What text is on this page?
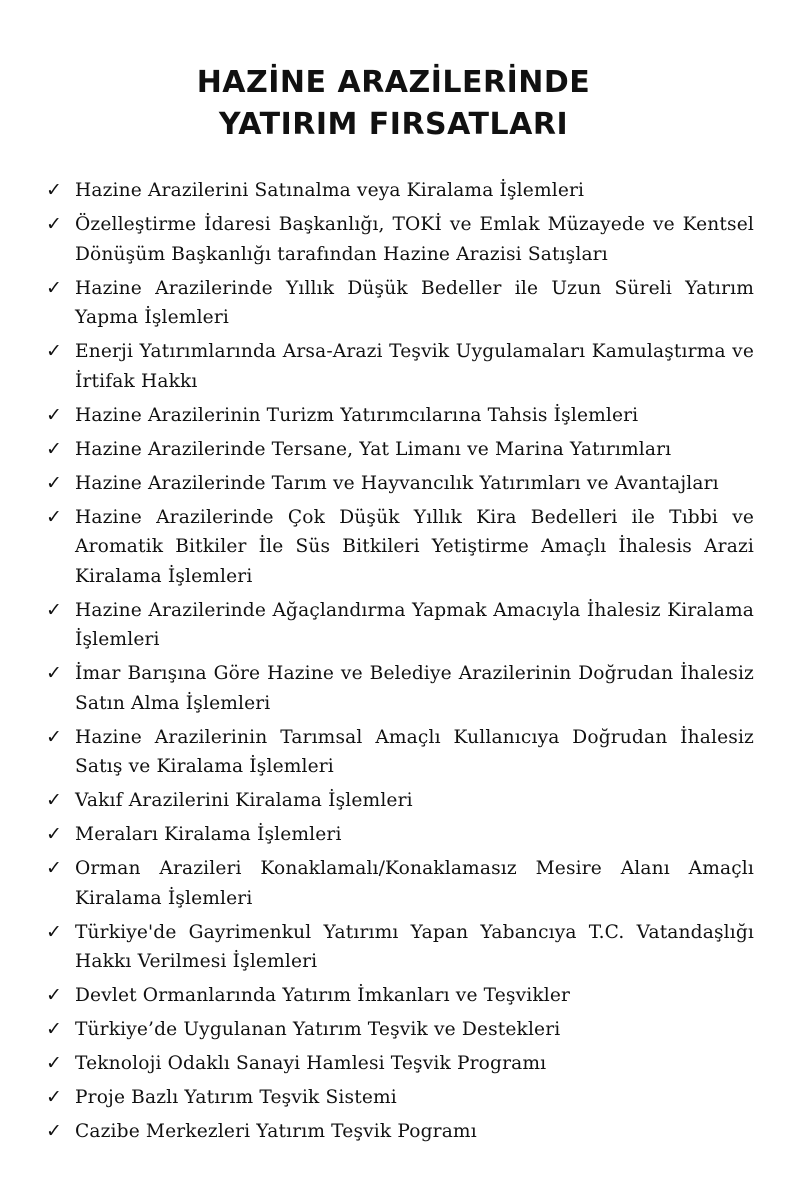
HAZİNE ARAZİLERİNDE
YATIRIM FIRSATLARI
✓ Hazine Arazilerini Satınalma veya Kiralama İşlemleri
✓ Özelleştirme İdaresi Başkanlığı, TOKİ ve Emlak Müzayede ve Kentsel Dönüşüm Başkanlığı tarafından Hazine Arazisi Satışları
✓ Hazine Arazilerinde Yıllık Düşük Bedeller ile Uzun Süreli Yatırım Yapma İşlemleri
✓ Enerji Yatırımlarında Arsa-Arazi Teşvik Uygulamaları Kamulaştırma ve İrtifak Hakkı
✓ Hazine Arazilerinin Turizm Yatırımcılarına Tahsis İşlemleri
✓ Hazine Arazilerinde Tersane, Yat Limanı ve Marina Yatırımları
✓ Hazine Arazilerinde Tarım ve Hayvancılık Yatırımları ve Avantajları
✓ Hazine Arazilerinde Çok Düşük Yıllık Kira Bedelleri ile Tıbbi ve Aromatik Bitkiler İle Süs Bitkileri Yetiştirme Amaçlı İhalesis Arazi Kiralama İşlemleri
✓ Hazine Arazilerinde Ağaçlandırma Yapmak Amacıyla İhalesiz Kiralama İşlemleri
✓ İmar Barışına Göre Hazine ve Belediye Arazilerinin Doğrudan İhalesiz Satın Alma İşlemleri
✓ Hazine Arazilerinin Tarımsal Amaçlı Kullanıcıya Doğrudan İhalesiz Satış ve Kiralama İşlemleri
✓ Vakıf Arazilerini Kiralama İşlemleri
✓ Meraları Kiralama İşlemleri
✓ Orman Arazileri Konaklamalı/Konaklamasız Mesire Alanı Amaçlı Kiralama İşlemleri
✓ Türkiye'de Gayrimenkul Yatırımı Yapan Yabancıya T.C. Vatandaşlığı Hakkı Verilmesi İşlemleri
✓ Devlet Ormanlarında Yatırım İmkanları ve Teşvikler
✓ Türkiye’de Uygulanan Yatırım Teşvik ve Destekleri
✓ Teknoloji Odaklı Sanayi Hamlesi Teşvik Programı
✓ Proje Bazlı Yatırım Teşvik Sistemi
✓ Cazibe Merkezleri Yatırım Teşvik Pogramı
